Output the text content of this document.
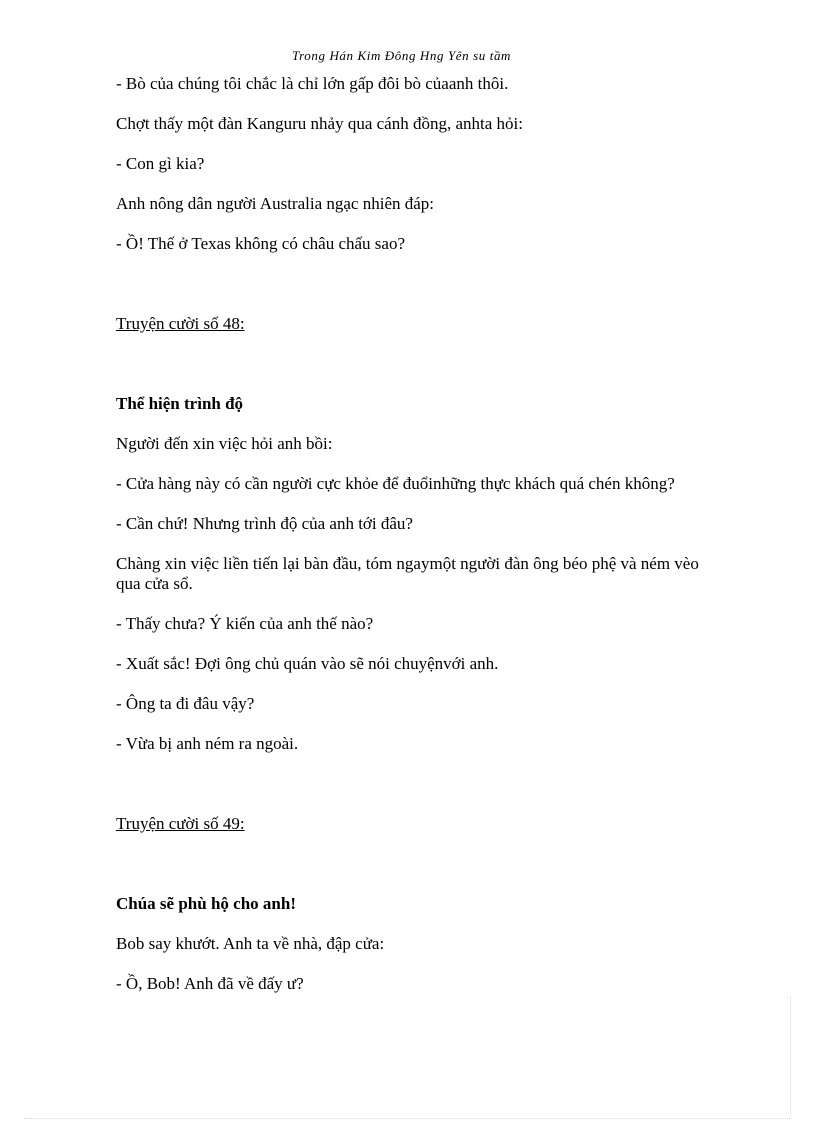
Trong Hán Kim Đông Hng Yên su tầm
- Bò của chúng tôi chắc là chỉ lớn gấp đôi bò củaanh thôi.
Chợt thấy một đàn Kanguru nhảy qua cánh đồng, anhta hỏi:
- Con gì kia?
Anh nông dân người Australia ngạc nhiên đáp:
- Ồ! Thế ở Texas không có châu chấu sao?
Truyện cười số 48:
Thể hiện trình độ
Người đến xin việc hỏi anh bồi:
- Cửa hàng này có cần người cực khỏe để đuổinhững thực khách quá chén không?
- Cần chứ! Nhưng trình độ của anh tới đâu?
Chàng xin việc liền tiến lại bàn đầu, tóm ngaymột người đàn ông béo phệ và ném vèo qua cửa sổ.
- Thấy chưa? Ý kiến của anh thế nào?
- Xuất sắc! Đợi ông chủ quán vào sẽ nói chuyệnvới anh.
- Ông ta đi đâu vậy?
- Vừa bị anh ném ra ngoài.
Truyện cười số 49:
Chúa sẽ phù hộ cho anh!
Bob say khướt. Anh ta về nhà, đập cửa:
- Ồ, Bob! Anh đã về đấy ư?
